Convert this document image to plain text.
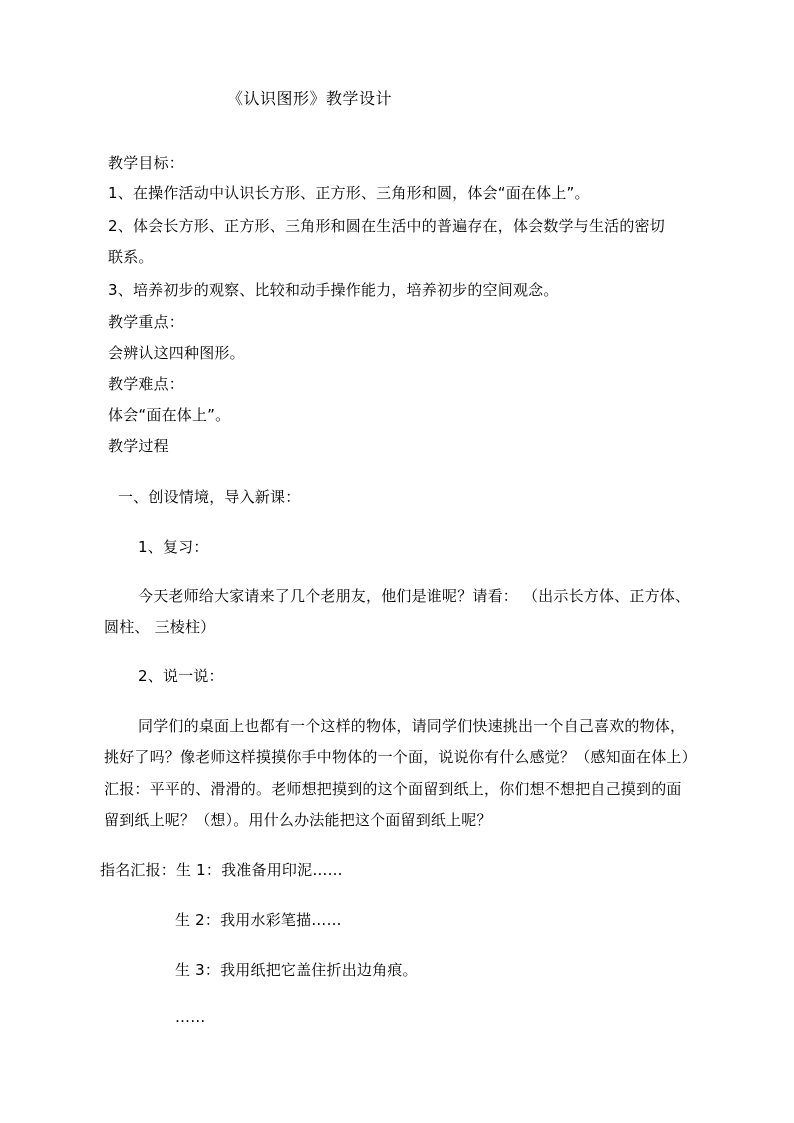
《认识图形》教学设计
教学目标：
1、在操作活动中认识长方形、正方形、三角形和圆，体会“面在体上”。
2、体会长方形、正方形、三角形和圆在生活中的普遍存在，体会数学与生活的密切
联系。
3、培养初步的观察、比较和动手操作能力，培养初步的空间观念。
教学重点：
会辨认这四种图形。
教学难点：
体会“面在体上”。
教学过程
一、创设情境，导入新课：
1、复习：
今天老师给大家请来了几个老朋友，他们是谁呢？请看： （出示长方体、正方体、
圆柱、 三棱柱）
2、说一说：
同学们的桌面上也都有一个这样的物体，请同学们快速挑出一个自己喜欢的物体，
挑好了吗？像老师这样摸摸你手中物体的一个面，说说你有什么感觉？（感知面在体上）
汇报：平平的、滑滑的。老师想把摸到的这个面留到纸上，你们想不想把自己摸到的面
留到纸上呢？（想）。用什么办法能把这个面留到纸上呢？
指名汇报：生 1：我准备用印泥……
生 2：我用水彩笔描……
生 3：我用纸把它盖住折出边角痕。
……
